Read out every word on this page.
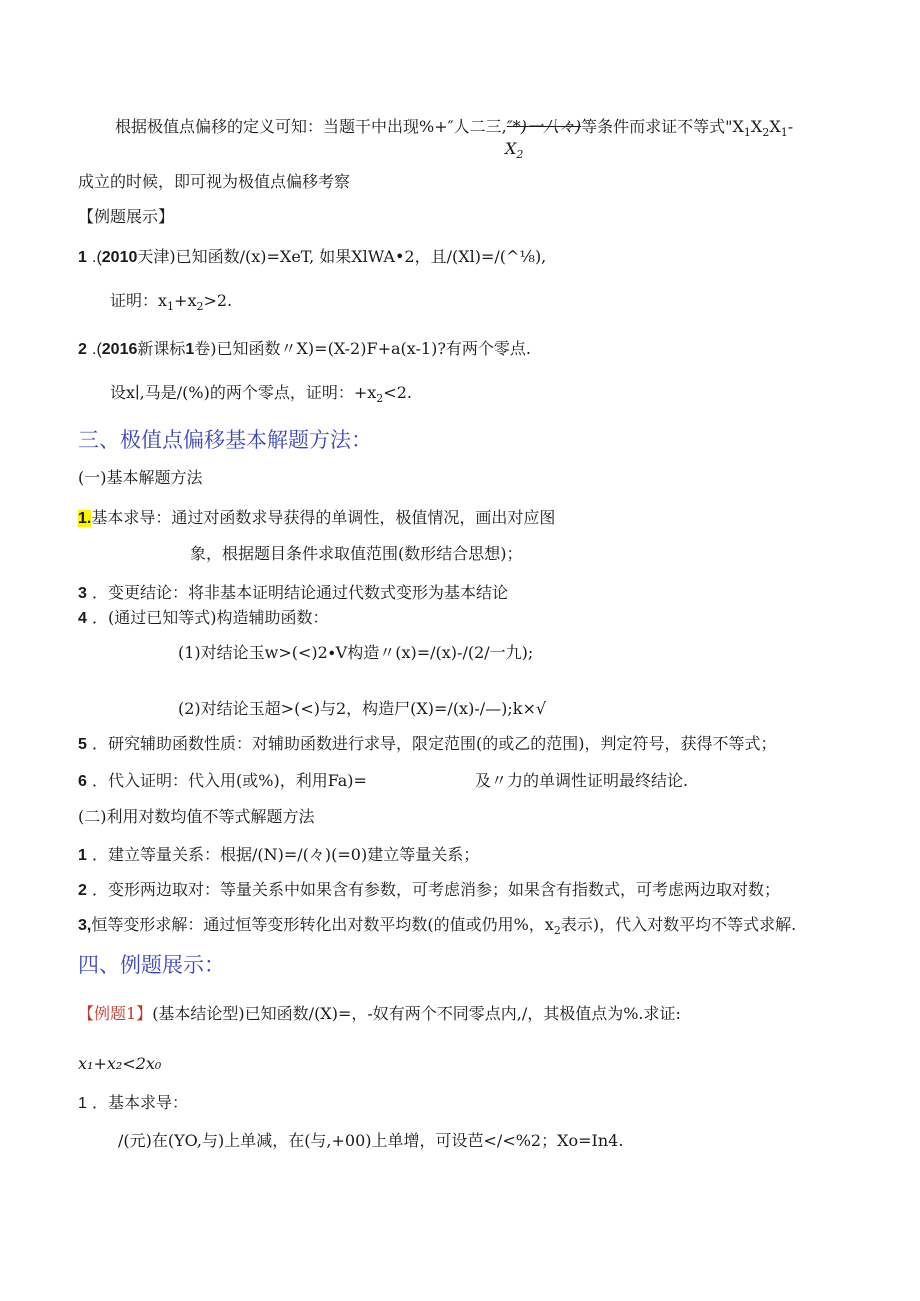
根据极值点偏移的定义可知：当题干中出现%+″人二三,″*)一八々)等条件而求证不等式"$X_1X_2X_1-$
$X_2$
成立的时候，即可视为极值点偏移考察
【例题展示】
1 .(2010天津)已知函数/(x)=XeT, 如果XlWA•2，且/(Xl)=/(^⅛),
证明：$x_1+x_2>2$.
2 .(2016新课标1卷)已知函数〃X)=(X-2)F+a(x-1)?有两个零点.
设x∣,马是/(%)的两个零点，证明：$+x_2<2$.
三、极值点偏移基本解题方法：
(一)基本解题方法
1.基本求导：通过对函数求导获得的单调性，极值情况，画出对应图
象，根据题目条件求取值范围(数形结合思想)；
3 ．变更结论：将非基本证明结论通过代数式变形为基本结论
4 ．(通过已知等式)构造辅助函数：
(1)对结论玉w>(<)2∙V构造〃(x)=/(x)-/(2/一九);
(2)对结论玉超>(<)与2，构造尸(X)=/(x)-/—);k×√
5 ．研究辅助函数性质：对辅助函数进行求导，限定范围(的或乙的范围)，判定符号，获得不等式；
6 ．代入证明：代入用(或%)，利用Fa)=	及〃力的单调性证明最终结论.
(二)利用对数均值不等式解题方法
1 ．建立等量关系：根据/(N)=/(々)(=0)建立等量关系；
2 ．变形两边取对：等量关系中如果含有参数，可考虑消参；如果含有指数式，可考虑两边取对数；
3,恒等变形求解：通过恒等变形转化出对数平均数(的值或仍用%，$x_2$表示)，代入对数平均不等式求解.
四、例题展示：
【例题1】(基本结论型)已知函数/(X)=，-奴有两个不同零点内,/，其极值点为%.求证:
x₁+x₂<2x₀
1 ．基本求导：
/(元)在(YO,与)上单减，在(与,+00)上单增，可设芭</<%2；Xo=In4.
